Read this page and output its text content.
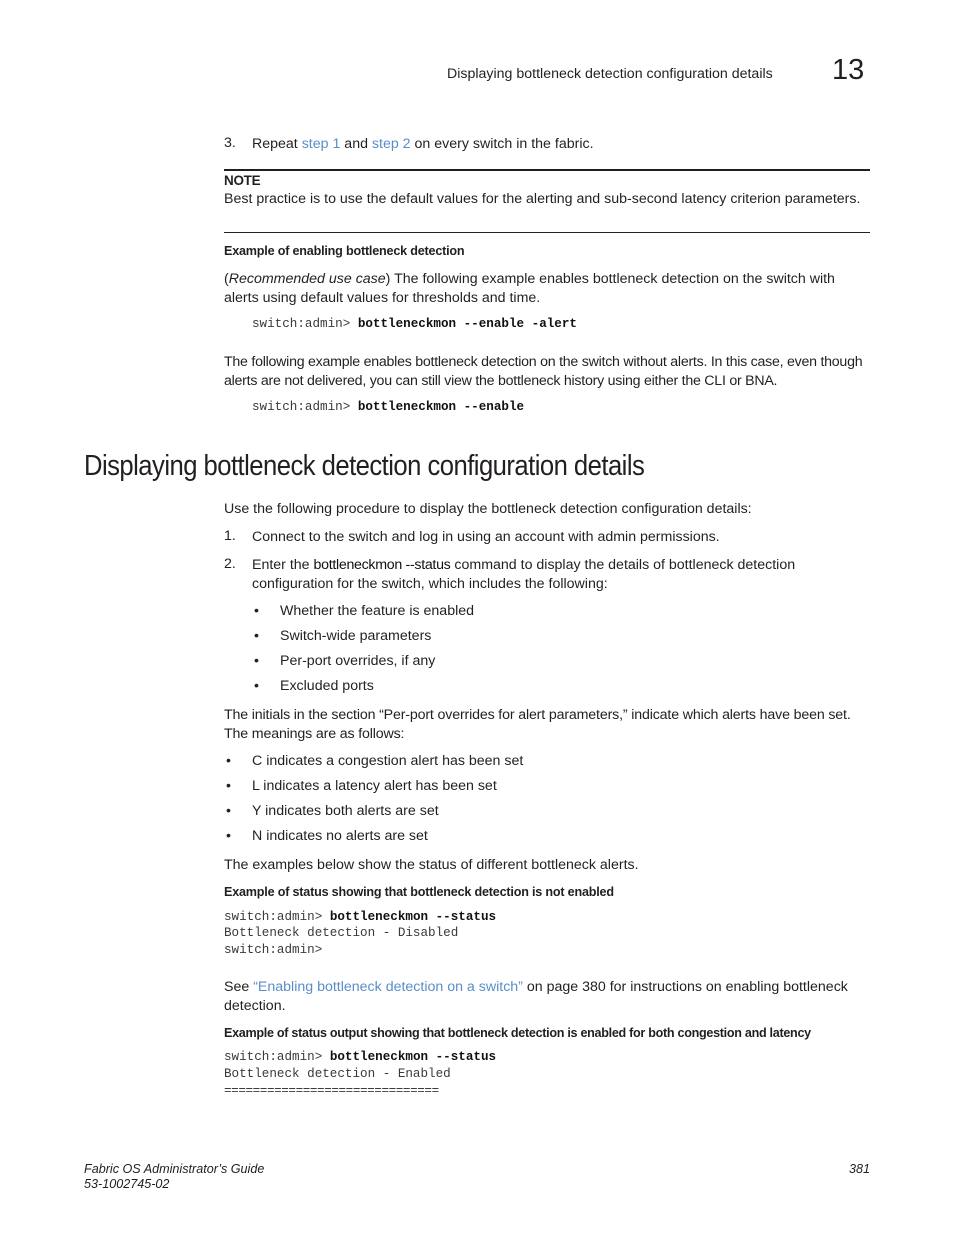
Displaying bottleneck detection configuration details 13
3. Repeat step 1 and step 2 on every switch in the fabric.
NOTE
Best practice is to use the default values for the alerting and sub-second latency criterion parameters.
Example of enabling bottleneck detection
(Recommended use case) The following example enables bottleneck detection on the switch with alerts using default values for thresholds and time.
switch:admin> bottleneckmon --enable -alert
The following example enables bottleneck detection on the switch without alerts. In this case, even though alerts are not delivered, you can still view the bottleneck history using either the CLI or BNA.
switch:admin> bottleneckmon --enable
Displaying bottleneck detection configuration details
Use the following procedure to display the bottleneck detection configuration details:
1. Connect to the switch and log in using an account with admin permissions.
2. Enter the bottleneckmon --status command to display the details of bottleneck detection configuration for the switch, which includes the following:
• Whether the feature is enabled
• Switch-wide parameters
• Per-port overrides, if any
• Excluded ports
The initials in the section “Per-port overrides for alert parameters,” indicate which alerts have been set. The meanings are as follows:
• C indicates a congestion alert has been set
• L indicates a latency alert has been set
• Y indicates both alerts are set
• N indicates no alerts are set
The examples below show the status of different bottleneck alerts.
Example of status showing that bottleneck detection is not enabled
switch:admin> bottleneckmon --status
Bottleneck detection - Disabled
switch:admin>
See “Enabling bottleneck detection on a switch” on page 380 for instructions on enabling bottleneck detection.
Example of status output showing that bottleneck detection is enabled for both congestion and latency
switch:admin> bottleneckmon --status
Bottleneck detection - Enabled
==============================
Fabric OS Administrator’s Guide
53-1002745-02
381
